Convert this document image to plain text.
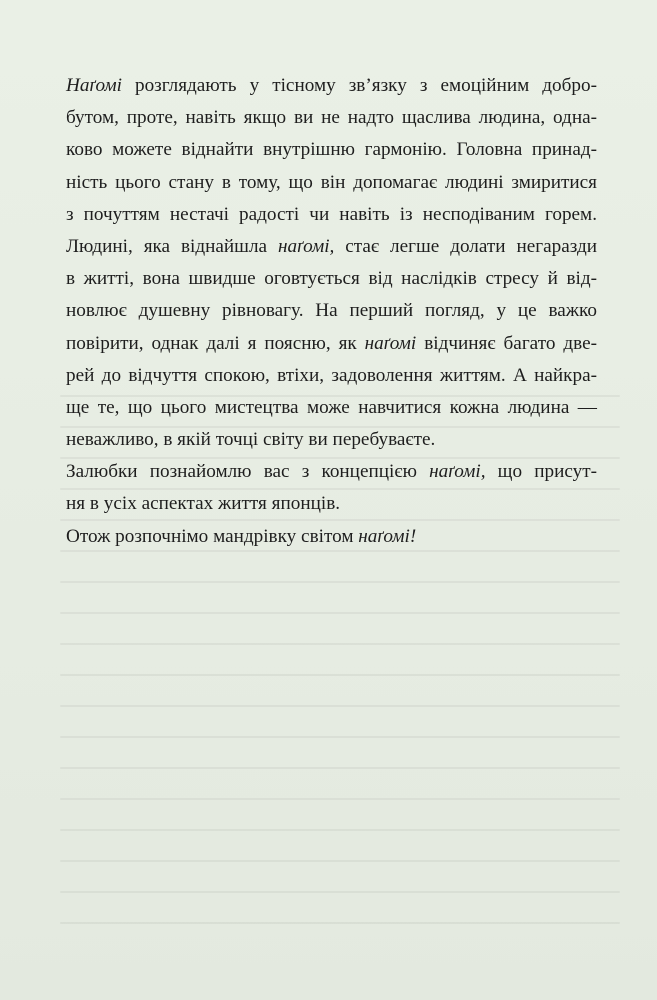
Наґомі розглядають у тісному зв’язку з емоційним добро-
бутом, проте, навіть якщо ви не надто щаслива людина, одна-
ково можете віднайти внутрішню гармонію. Головна принад-
ність цього стану в тому, що він допомагає людині змиритися
з почуттям нестачі радості чи навіть із несподіваним горем.
Людині, яка віднайшла наґомі, стає легше долати негаразди
в житті, вона швидше оговтується від наслідків стресу й від-
новлює душевну рівновагу. На перший погляд, у це важко
повірити, однак далі я поясню, як наґомі відчиняє багато две-
рей до відчуття спокою, втіхи, задоволення життям. А найкра-
ще те, що цього мистецтва може навчитися кожна людина —
неважливо, в якій точці світу ви перебуваєте.
Залюбки познайомлю вас з концепцією наґомі, що присут-
ня в усіх аспектах життя японців.
Отож розпочнімо мандрівку світом наґомі!
